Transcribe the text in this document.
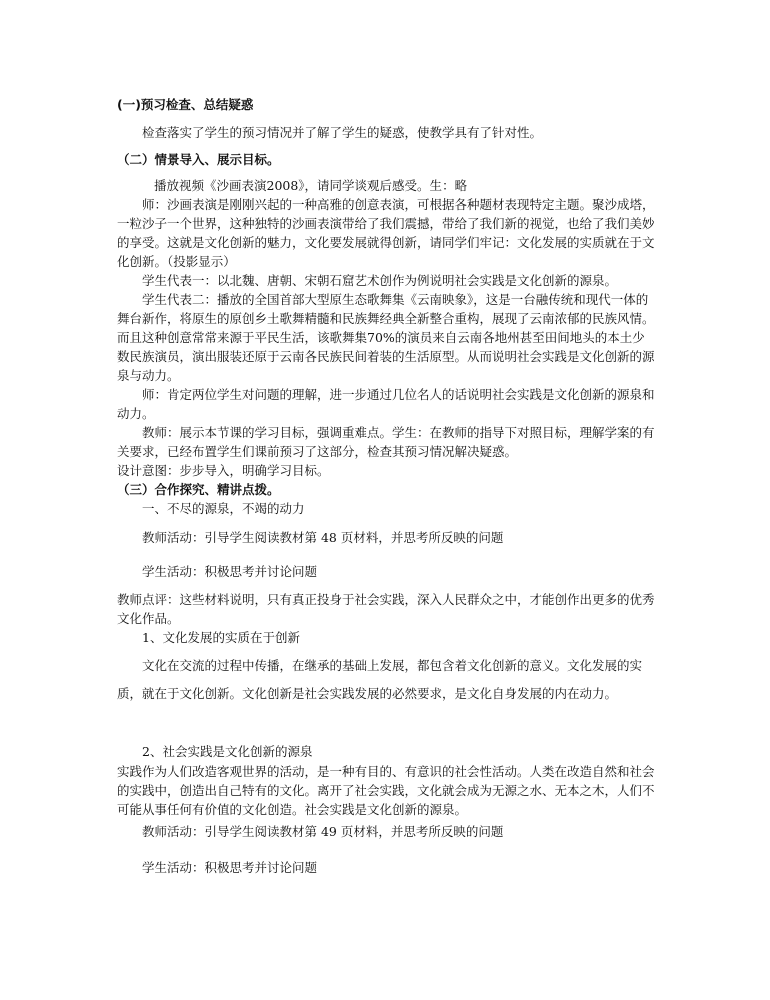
(一)预习检查、总结疑惑
检查落实了学生的预习情况并了解了学生的疑惑，使教学具有了针对性。
（二）情景导入、展示目标。
播放视频《沙画表演2008》，请同学谈观后感受。生：略
师：沙画表演是刚刚兴起的一种高雅的创意表演，可根据各种题材表现特定主题。聚沙成塔，一粒沙子一个世界，这种独特的沙画表演带给了我们震撼，带给了我们新的视觉，也给了我们美妙的享受。这就是文化创新的魅力，文化要发展就得创新，请同学们牢记：文化发展的实质就在于文化创新。（投影显示）
学生代表一：以北魏、唐朝、宋朝石窟艺术创作为例说明社会实践是文化创新的源泉。
学生代表二：播放的全国首部大型原生态歌舞集《云南映象》，这是一台融传统和现代一体的舞台新作，将原生的原创乡土歌舞精髓和民族舞经典全新整合重构，展现了云南浓郁的民族风情。而且这种创意常常来源于平民生活，该歌舞集70%的演员来自云南各地州甚至田间地头的本土少数民族演员，演出服装还原于云南各民族民间着装的生活原型。从而说明社会实践是文化创新的源泉与动力。
师：肯定两位学生对问题的理解，进一步通过几位名人的话说明社会实践是文化创新的源泉和动力。
教师：展示本节课的学习目标，强调重难点。学生：在教师的指导下对照目标，理解学案的有关要求，已经布置学生们课前预习了这部分，检查其预习情况解决疑惑。
设计意图：步步导入，明确学习目标。
（三）合作探究、精讲点拨。
一、不尽的源泉，不竭的动力
教师活动：引导学生阅读教材第 48 页材料，并思考所反映的问题
学生活动：积极思考并讨论问题
教师点评：这些材料说明，只有真正投身于社会实践，深入人民群众之中，才能创作出更多的优秀文化作品。
1、文化发展的实质在于创新
文化在交流的过程中传播，在继承的基础上发展，都包含着文化创新的意义。文化发展的实质，就在于文化创新。文化创新是社会实践发展的必然要求，是文化自身发展的内在动力。
2、社会实践是文化创新的源泉
实践作为人们改造客观世界的活动，是一种有目的、有意识的社会性活动。人类在改造自然和社会的实践中，创造出自己特有的文化。离开了社会实践，文化就会成为无源之水、无本之木，人们不可能从事任何有价值的文化创造。社会实践是文化创新的源泉。
教师活动：引导学生阅读教材第 49 页材料，并思考所反映的问题
学生活动：积极思考并讨论问题
